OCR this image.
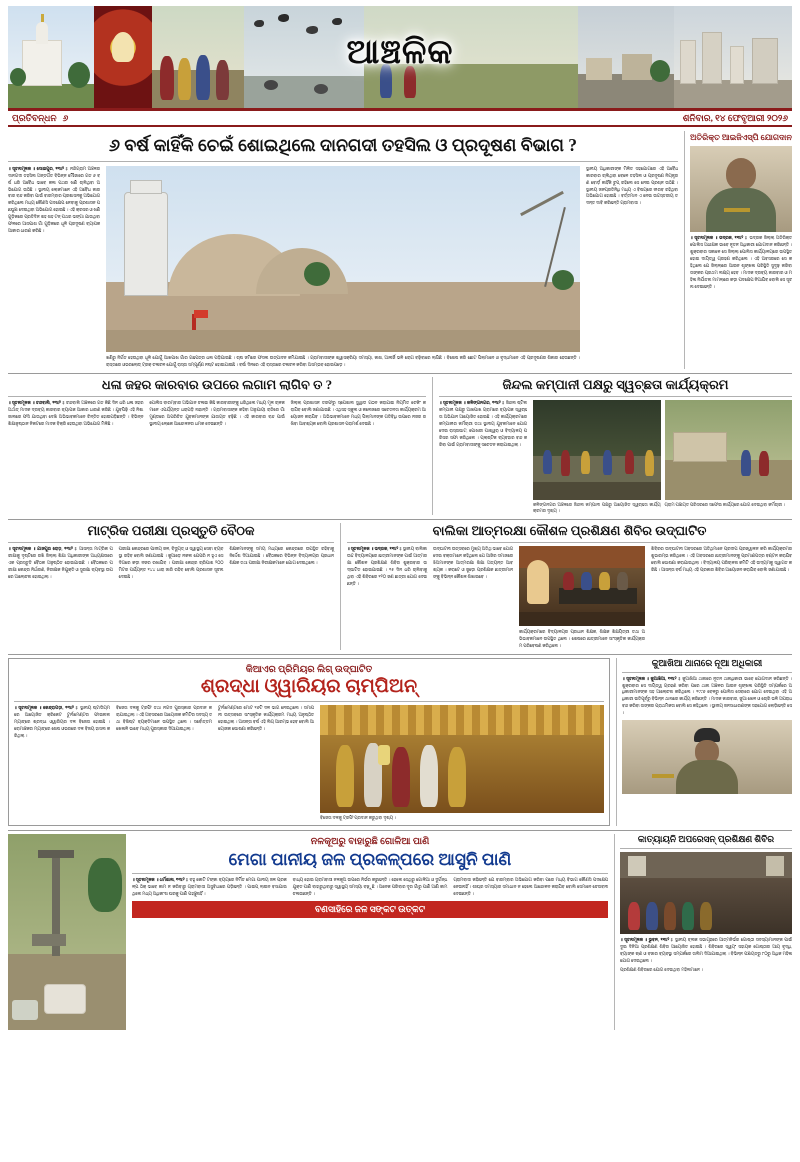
ଆଞ୍ଚଳିକ
ପ୍ରତିବନ୍ଧନ ୬	ଶନିବାର, ୧୪ ଫେବୃଆରୀ ୨୦୨୬
୬ ବର୍ଷ କାହିଁକି ଚେଇଁ ଶୋଇଥିଲେ ଦାନଗଦୀ ତହସିଲ ଓ ପ୍ରଦୂଷଣ ବିଭାଗ ?
॥ ସୂଚନାମୂଳକ ॥ ସୋଇପୁର, ୧୩ା୨ ‡ ନନ୍ଦିଗ୍ରାମ ଅଞ୍ଚଳର ଦାନଗଦୀ ତହସିଲ ଅନ୍ତର୍ଗତ ବିଭିନ୍ନ ମୌଜାରେ ଗତ ୬ ବର୍ଷ ଧରି ଅବୈଧ ଭାବେ କଳା ପଥର ଖଣି ଚାଲିଥିବା ଅଭିଯୋଗ ଉଠିଛି । ସ୍ଥାନୀୟ ଲୋକମାନେ ଏହି ଅବୈଧ କାରବାର ବନ୍ଦ କରିବା ପାଇଁ ବାରମ୍ବାର ପ୍ରଶାସନକୁ ଅଭିଯୋଗ କରିଥିଲେ ମଧ୍ୟ କୌଣସି ପଦକ୍ଷେପ ନେବାକୁ ପ୍ରଶାସନ ପଛଘୁଞ୍ଚା ଦେଇଥିବା ଅଭିଯୋଗ ହୋଇଛି । ଏହି କ୍ରସର ଓ ଖଣି ଗୁଡ଼ିକରେ ପ୍ରତିଦିନ ଶହ ଶହ ଟନ୍ ପଥର ଭଙ୍ଗା ଯାଉଥିବା ଫଳରେ ଆସପାଶ ଗାଁ ଗୁଡ଼ିକରେ ଧୂଳି ପ୍ରଦୂଷଣ ବ୍ୟାପକ ଆକାର ଧାରଣ କରିଛି ।
ଖଣିରୁ ନିର୍ଗତ ହେଉଥିବା ଧୂଳି ଯୋଗୁଁ ଆଖପାଖ ଗାଁର ଗଛପତ୍ର ଧଳା ପଡ଼ିଯାଇଛି । ଚାଷ ଜମିରେ ଫସଲ ଉତ୍ପାଦନ କମିଯାଇଛି । ଗ୍ରାମବାସୀଙ୍କ ଶ୍ୱାସକ୍ରିୟା ସମସ୍ୟା, କାଶ, ଆଲର୍ଜି ଭଳି ରୋଗ ବଢ଼ିବାରେ ଲାଗିଛି । ବିଶେଷ କରି ଛୋଟ ପିଲାମାନେ ଓ ବୃଦ୍ଧମାନେ ଏହି ପ୍ରଦୂଷଣର ଶିକାର ହେଉଛନ୍ତି । ରାସ୍ତାରେ ଓଭରଲୋଡ୍ ଟ୍ରକ୍ ଚଳାଚଳ ଯୋଗୁଁ ରାସ୍ତା ସମ୍ପୂର୍ଣ୍ଣ ନଷ୍ଟ ହୋଇଯାଇଛି । ବର୍ଷା ଦିନରେ ଏହି ରାସ୍ତାରେ ଚଳାଚଳ କରିବା ଅସମ୍ଭବ ହୋଇପଡ଼େ ।
ସ୍ଥାନୀୟ ଅଧିକାରୀଙ୍କ ମିଳିତ ସହଯୋଗରେ ଏହି ଅବୈଧ କାରବାର ଚାଲିଥିବା ବେଳେ ତହସିଲ ଓ ପ୍ରଦୂଷଣ ନିୟନ୍ତ୍ରଣ ବୋର୍ଡ଼ କାହିଁକି ଚୁପ୍ ରହିଲେ ସେ ନେଇ ପ୍ରଶ୍ନ ଉଠିଛି । ସ୍ଥାନୀୟ ଜନପ୍ରତିନିଧି ମଧ୍ୟ ଏ ବିଷୟରେ ନୀରବ ରହିଥିବା ଅଭିଯୋଗ ହୋଇଛି । ବର୍ତ୍ତମାନ ଏ ନେଇ ଉଚ୍ଚସ୍ତରୀୟ ତଦନ୍ତ ଦାବି କରିଛନ୍ତି ଗ୍ରାମବାସୀ ।
ଅତିରିକ୍ତ ଆଇଜିଏସ୍‌ପି ଯୋଗଦାନ
॥ ସୂଚନାମୂଳକ ॥ ଭଦ୍ରକ, ୧୩ା୨ ‡ ଭଦ୍ରକ ଜିଲ୍ଲା ଅତିରିକ୍ତ ପୋଲିସ ଅଧୀକ୍ଷକ ଭାବେ ନୂତନ ଅଧିକାରୀ ଯୋଗଦାନ କରିଛନ୍ତି । ଶୁକ୍ରବାର ସକାଳେ ସେ ଜିଲ୍ଲା ପୋଲିସ କାର୍ଯ୍ୟାଳୟରେ ଉପସ୍ଥିତ ହୋଇ ଦାୟିତ୍ୱ ଗ୍ରହଣ କରିଥିଲେ । ଏହି ଅବସରରେ ସେ କହିଥିଲେ ଯେ ଜିଲ୍ଲାରେ ଆଇନ ଶୃଙ୍ଖଳା ପରିସ୍ଥିତି ସୁଦୃଢ଼ କରିବା ତାଙ୍କର ପ୍ରଥମ ଲକ୍ଷ୍ୟ ହେବ । ମାଦକ ଦ୍ରବ୍ୟ କାରବାର ଓ ମହିଳା ନିର୍ଯାତନା ମାମଲାରେ କଡ଼ା ପଦକ୍ଷେପ ନିଆଯିବ ବୋଲି ସେ ସୂଚନା ଦେଇଛନ୍ତି ।
ଧଳା ଜହର କାରବାର ଉପରେ ଲଗାମ ଲାଗିବ ତ ?
॥ ସୂଚନାମୂଳକ ॥ ଚନ୍ଦବାଲି, ୧୩ା୨ ‡ ଚନ୍ଦବାଲି ଅଞ୍ଚଳରେ ଗତ କିଛି ଦିନ ଧରି ଧଳା ଜହର ଅର୍ଥାତ୍ ମାଦକ ଦ୍ରବ୍ୟ କାରବାର ବ୍ୟାପକ ଆକାର ଧାରଣ କରିଛି । ଯୁବପିଢ଼ି ଏହି ନିଶା ଜାଲରେ ଫସି ଯାଉଥିବା ଦେଖି ଅଭିଭାବକମାନେ ଚିନ୍ତିତ ହୋଇପଡ଼ିଛନ୍ତି । ବିଭିନ୍ନ ଶିକ୍ଷାନୁଷ୍ଠାନ ନିକଟରେ ମାଦକ ବିକ୍ରି ହେଉଥିବା ଅଭିଯୋଗ ମିଳିଛି ।
ପୋଲିସ ବାରମ୍ବାର ଅଭିଯାନ ଚଳାଇ କିଛି କାରବାରୀଙ୍କୁ ଧରିଥିଲେ ମଧ୍ୟ ମୂଳ ଚାଳକମାନେ ଏପର୍ଯ୍ୟନ୍ତ ଧରାପଡ଼ି ନାହାନ୍ତି । ଗ୍ରାମବାସୀଙ୍କ କହିବା ଅନୁଯାୟୀ ରାତିରେ ଗାଁ ମୁଣ୍ଡରେ ଅପରିଚିତ ଯୁବକମାନଙ୍କ ଯାତାୟତ ବଢ଼ିଛି । ଏହି କାରବାର ବନ୍ଦ ପାଇଁ ସ୍ଥାନୀୟ ଲୋକେ ଆନ୍ଦୋଳନର ଧମକ ଦେଇଛନ୍ତି ।
ଜିଲ୍ଲା ପ୍ରଶାସନ ତରଫରୁ ସ୍ପେଶାଲ ସ୍କ୍ୱାଡ ଗଠନ କରାଯାଇ ନିୟମିତ ଚେକିଂ କରାଯିବ ବୋଲି ଜଣାଯାଇଛି । ଏଥିସହ ସ୍କୁଲ ଓ କଲେଜରେ ସଚେତନତା କାର୍ଯ୍ୟକ୍ରମ ଆୟୋଜନ କରାଯିବ । ଅଭିଭାବକମାନେ ମଧ୍ୟ ପିଲାମାନଙ୍କ ଗତିବିଧି ଉପରେ ନଜର ରଖିବା ଆବଶ୍ୟକ ବୋଲି ପ୍ରଶାସନ ପରାମର୍ଶ ଦେଇଛି ।
ଜିନ୍ଦଲ କମ୍ପାନୀ ପକ୍ଷରୁ ସ୍ୱଚ୍ଛତା କାର୍ଯ୍ୟକ୍ରମ
॥ ସୂଚନାମୂଳକ ॥ କଳିଙ୍ଗନଗର, ୧୩ା୨ ‡ ଜିନ୍ଦଲ ଷ୍ଟିଲ କମ୍ପାନୀ ପକ୍ଷରୁ ଆଖପାଖ ଗ୍ରାମରେ ବ୍ୟାପକ ସ୍ୱଚ୍ଛତା ଅଭିଯାନ ଆୟୋଜିତ ହୋଇଛି । ଏହି କାର୍ଯ୍ୟକ୍ରମରେ କମ୍ପାନୀର କର୍ମଚାରୀ ତଥା ସ୍ଥାନୀୟ ଯୁବକମାନେ ଯୋଗ ଦେଇ ରାସ୍ତାଘାଟ, ପୋଖରୀ ପାଶ୍ୱର୍ ଓ ବିଦ୍ୟାଳୟ ପରିସର ସଫା କରିଥିଲେ । ପ୍ଲାଷ୍ଟିକ ବ୍ୟବହାର ବନ୍ଦ କରିବା ପାଇଁ ଗ୍ରାମବାସୀଙ୍କୁ ସଚେତନ କରାଯାଇଥିଲା ।
କଳିଙ୍ଗନଗର ଅଞ୍ଚଳରେ ଜିନ୍ଦଲ କମ୍ପାନୀ ପକ୍ଷରୁ ଆୟୋଜିତ ସ୍ୱଚ୍ଛତା କାର୍ଯ୍ୟକ୍ରମର ଦୃଶ୍ୟ ।
ଗ୍ରାମ ପଞ୍ଚାୟତ ପରିସରରେ ସଫେଇ କାର୍ଯ୍ୟରେ ଯୋଗ ଦେଇଥିବା କର୍ମଚାରୀ ।
ମାଟ୍ରିକ ପରୀକ୍ଷା ପ୍ରସ୍ତୁତି ବୈଠକ
॥ ସୂଚନାମୂଳକ ॥ ଯାଜପୁର ରୋଡ଼, ୧୩ା୨ ‡ ଆସନ୍ତା ମାଟ୍ରିକ ପରୀକ୍ଷାକୁ ଦୃଷ୍ଟିରେ ରଖି ଜିଲ୍ଲା ଶିକ୍ଷା ଅଧିକାରୀଙ୍କ ଅଧ୍ୟକ୍ଷତାରେ ଏକ ପ୍ରସ୍ତୁତି ବୈଠକ ଅନୁଷ୍ଠିତ ହୋଇଯାଇଛି । ବୈଠକରେ ପରୀକ୍ଷା କେନ୍ଦ୍ର ନିର୍ଧାରଣ, ନିରୀକ୍ଷକ ନିଯୁକ୍ତି ଓ ସୁରକ୍ଷା ବ୍ୟବସ୍ଥା ଉପରେ ଆଲୋଚନା ହୋଇଥିଲା ।
ପରୀକ୍ଷା କେନ୍ଦ୍ରରେ ପାନୀୟ ଜଳ, ବିଦ୍ୟୁତ୍ ଓ ସ୍ୱାସ୍ଥ୍ୟ ସେବା ବ୍ୟବସ୍ଥା ରହିବ ବୋଲି ଜଣାଯାଇଛି । କୁଆଡ଼େ ନକଲ ଯେପରି ନ ହୁଏ ସେ ଦିଗରେ କଡ଼ା ନଜର ରଖାଯିବ । ପରୀକ୍ଷା କେନ୍ଦ୍ର ଚାରିପାଶ ୨୦୦ ମିଟର ପର୍ଯ୍ୟନ୍ତ ୧୪୪ ଧାରା ଜାରି ରହିବ ବୋଲି ପ୍ରଶାସନ ସୂଚନା ଦେଇଛି ।
ଶିକ୍ଷକମାନଙ୍କୁ ସମୟ ମଧ୍ୟରେ କେନ୍ଦ୍ରରେ ଉପସ୍ଥିତ ରହିବାକୁ ନିର୍ଦ୍ଦେଶ ଦିଆଯାଇଛି । ବୈଠକରେ ବିଭିନ୍ନ ବିଦ୍ୟାଳୟର ପ୍ରଧାନ ଶିକ୍ଷକ ତଥା ପରୀକ୍ଷା ନିରୀକ୍ଷକମାନେ ଯୋଗ ଦେଇଥିଲେ ।
ବାଲିକା ଆତ୍ମରକ୍ଷା କୌଶଳ ପ୍ରଶିକ୍ଷଣ ଶିବିର ଉଦ୍‌ଘାଟିତ
॥ ସୂଚନାମୂଳକ ॥ ଭଦ୍ରକ, ୧୩ା୨ ‡ ସ୍ଥାନୀୟ ବାଲିକା ଉଚ୍ଚ ବିଦ୍ୟାଳୟରେ ଛାତ୍ରୀମାନଙ୍କ ପାଇଁ ଆତ୍ମରକ୍ଷା କୌଶଳ ପ୍ରଶିକ୍ଷଣ ଶିବିର ଶୁକ୍ରବାର ଉଦ୍‌ଘାଟିତ ହୋଇଯାଇଛି । ୧୫ ଦିନ ଧରି ଚାଲିବାକୁ ଥିବା ଏହି ଶିବିରରେ ୧୨୦ ଜଣ ଛାତ୍ରୀ ଯୋଗ ଦେଇଛନ୍ତି ।
ଉଦ୍‌ଘାଟନୀ ଉତ୍ସବରେ ମୁଖ୍ୟ ଅତିଥି ଭାବେ ଯୋଗ ଦେଇ ବକ୍ତାମାନେ କହିଥିଲେ ଯେ ଆଜିର ସମାଜରେ ଝିଅମାନଙ୍କ ଆତ୍ମରକ୍ଷା ଶିକ୍ଷା ଅତ୍ୟନ୍ତ ଆବଶ୍ୟକ । କରାଟେ ଓ ଜୁଡ଼ୋ ପ୍ରଶିକ୍ଷକ ଛାତ୍ରୀମାନଙ୍କୁ ବିଭିନ୍ନ କୌଶଳ ଶିଖାଇବେ ।
କାର୍ଯ୍ୟକ୍ରମରେ ବିଦ୍ୟାଳୟର ପ୍ରଧାନ ଶିକ୍ଷକ, ଶିକ୍ଷକ ଶିକ୍ଷୟିତ୍ରୀ ତଥା ଅଭିଭାବକମାନେ ଉପସ୍ଥିତ ଥିଲେ । ଶେଷରେ ଛାତ୍ରୀମାନେ ସାଂସ୍କୃତିକ କାର୍ଯ୍ୟକ୍ରମ ପରିବେଷଣ କରିଥିଲେ ।
ଶିବିରର ଉଦ୍‌ଘାଟନୀ ଅବସରରେ ଅତିଥିମାନେ ପ୍ରଦୀପ ପ୍ରଜ୍ୱାଳନ କରି କାର୍ଯ୍ୟକ୍ରମର ଶୁଭାରମ୍ଭ କରିଥିଲେ । ଏହି ଅବସରରେ ଛାତ୍ରୀମାନଙ୍କୁ ପ୍ରମାଣପତ୍ର ବଣ୍ଟନ କରାଯିବ ବୋଲି ଘୋଷଣା କରାଯାଇଥିଲା । ବିଦ୍ୟାଳୟ ପରିଚାଳନା କମିଟି ଏହି ଉଦ୍ୟମକୁ ସ୍ୱାଗତ କରିଛି । ଆସନ୍ତା ବର୍ଷ ମଧ୍ୟ ଏହି ପ୍ରକାର ଶିବିର ଆୟୋଜନ କରାଯିବ ବୋଲି ଜଣାଯାଇଛି ।
କିଆଏର ପ୍ରିମିୟର ଲିଗ୍ ଉଦ୍‌ଘାଟିତ
ଶ୍ରଦ୍ଧା ଓ୍ୱାରିୟର ଚାମ୍ପିଅନ୍
॥ ସୂଚନାମୂଳକ ॥ କେନ୍ଦ୍ରାପଡ଼ା, ୧୩ା୨ ‡ ସ୍ଥାନୀୟ ଷ୍ଟାଡିୟମରେ ଆୟୋଜିତ କ୍ରିକେଟ ଟୁର୍ନାମେଣ୍ଟର ଫାଇନାଲ ମ୍ୟାଚ୍‌ରେ ଶ୍ରଦ୍ଧା ଓ୍ୱାରିୟର ଦଳ ବିଜେତା ହୋଇଛି । ରୋମାଞ୍ଚକର ମ୍ୟାଚ୍‌ରେ ଶେଷ ଓଭରରେ ଦଳ ବିଜୟ ହାସଲ କରିଥିଲା ।
ବିଜେତା ଦଳକୁ ଟ୍ରଫି ତଥା ନଗଦ ପୁରସ୍କାର ପ୍ରଦାନ କରାଯାଇଥିଲା । ଏହି ଅବସରରେ ଆୟୋଜକ କମିଟିର ସଦସ୍ୟ ତଥା ବିଶିଷ୍ଟ ବ୍ୟକ୍ତିମାନେ ଉପସ୍ଥିତ ଥିଲେ । ସର୍ବୋତ୍ତମ ଖେଳାଳି ଭାବେ ମଧ୍ୟ ପୁରସ୍କାର ଦିଆଯାଇଥିଲା ।
ଟୁର୍ନାମେଣ୍ଟରେ ମୋଟ ୧୬ଟି ଦଳ ଭାଗ ନେଇଥିଲେ । ସମାପନୀ ଉତ୍ସବରେ ସାଂସ୍କୃତିକ କାର୍ଯ୍ୟକ୍ରମ ମଧ୍ୟ ଅନୁଷ୍ଠିତ ହୋଇଥିଲା । ଆସନ୍ତା ବର୍ଷ ଏହି ଲିଗ୍ ଆରମ୍ଭ ହେବ ବୋଲି ଆୟୋଜକ ଘୋଷଣା କରିଛନ୍ତି ।
ବିଜେତା ଦଳକୁ ଟ୍ରଫି ପ୍ରଦାନ କରୁଥିବା ଦୃଶ୍ୟ ।
କୁଆଖିଆ ଥାନାରେ ନୂଆ ଅଧିକାରୀ
॥ ସୂଚନାମୂଳକ ॥ କୁଆଖିଆ, ୧୩ା୨ ‡ କୁଆଖିଆ ଥାନାରେ ନୂତନ ଥାନାଧିକାରୀ ଭାବେ ଯୋଗଦାନ କରିଛନ୍ତି । ଶୁକ୍ରବାର ସେ ଦାୟିତ୍ୱ ଗ୍ରହଣ କରିବା ପରେ ଥାନା ଅଞ୍ଚଳର ଆଇନ ଶୃଙ୍ଖଳା ପରିସ୍ଥିତି ସମ୍ପର୍କରେ ଅଧିକାରୀମାନଙ୍କ ସହ ଆଲୋଚନା କରିଥିଲେ । ୧୯୯୬ ବେଳରୁ ପୋଲିସ ସେବାରେ ଯୋଗ ଦେଇଥିବା ଏହି ଅଧିକାରୀ ଇତିପୂର୍ବରୁ ବିଭିନ୍ନ ଥାନାରେ କାର୍ଯ୍ୟ କରିଛନ୍ତି । ମାଦକ କାରବାର, ଜୁଆ ଖେଳ ଓ ଚୋରି ଭଳି ଅପରାଧ ବନ୍ଦ କରିବା ତାଙ୍କର ପ୍ରାଥମିକତା ବୋଲି ସେ କହିଥିଲେ । ସ୍ଥାନୀୟ ଜନସାଧାରଣଙ୍କ ସହଯୋଗ ଲୋଡ଼ିଛନ୍ତି ସେ ।
ନଳକୂଅରୁ ବାହାରୁଛି ଗୋଳିଆ ପାଣି
ମେଗା ପାନୀୟ ଜଳ ପ୍ରକଳ୍ପରେ ଆସୁନି ପାଣି
॥ ସୂଚନାମୂଳକ ॥ ଧର୍ମଶାଳା, ୧୩ା୨ ‡ ବହୁ କୋଟି ଟଙ୍କା ବ୍ୟୟରେ ନିର୍ମିତ ମେଗା ପାନୀୟ ଜଳ ପ୍ରକଳ୍ପ ଠିକ୍ ଭାବେ କାମ ନ କରିବାରୁ ଗ୍ରାମବାସୀ ଅସୁବିଧାରେ ପଡ଼ିଛନ୍ତି । ପାଇପ୍ ଲାଇନ ବସାଯାଇଥିଲେ ମଧ୍ୟ ଅଧିକାଂଶ ଘରକୁ ପାଣି ପହଞ୍ଚୁନାହିଁ ।
ବାଧ୍ୟ ହୋଇ ଗ୍ରାମବାସୀ ନଳକୂଅ ଉପରେ ନିର୍ଭର କରୁଛନ୍ତି । ହେଲେ ସେଥିରୁ ଗୋଳିଆ ଓ ଦୁର୍ଗନ୍ଧଯୁକ୍ତ ପାଣି ବାହାରୁଥିବାରୁ ସ୍ୱାସ୍ଥ୍ୟ ସମସ୍ୟା ବଢ଼ୁଛି । ଅନେକ ପରିବାର ଦୂର ଗାଁରୁ ପାଣି ଆଣି କାମ ଚଳାଉଛନ୍ତି ।
ଗ୍ରାମବାସୀ କହିଛନ୍ତି ଯେ ବାରମ୍ବାର ଅଭିଯୋଗ କରିବା ପରେ ମଧ୍ୟ ବିଭାଗ କୌଣସି ପଦକ୍ଷେପ ନେଉନାହିଁ । ଶୀଘ୍ର ସମସ୍ୟାର ସମାଧାନ ନ ହେଲେ ଆନ୍ଦୋଳନ କରାଯିବ ବୋଲି ସେମାନେ ଚେତାବନୀ ଦେଇଛନ୍ତି ।
ବଣସାହିରେ ଜଳ ସଙ୍କଟ ଉତ୍କଟ
କାତ୍ୟାୟନି ଅପରେସନ୍ ପ୍ରଶିକ୍ଷଣ ଶିବିର
॥ ସୂଚନାମୂଳକ ॥ ଭୁବନ, ୧୩ା୨ ‡ ସ୍ଥାନୀୟ ବ୍ଲକ ସଭାଗୃହରେ ଆତ୍ମନିର୍ଭର ଗୋଷ୍ଠୀ ସଦସ୍ୟାମାନଙ୍କ ପାଇଁ ଦୁଇ ଦିନିଆ ପ୍ରଶିକ୍ଷଣ ଶିବିର ଆୟୋଜିତ ହୋଇଛି । ଶିବିରରେ ସ୍ୱୟଂ ସହାୟକ ଗୋଷ୍ଠୀର ଆୟ ବୃଦ୍ଧି, ବ୍ୟାଙ୍କ ଋଣ ଓ ବଜାର ବ୍ୟବସ୍ଥା ସମ୍ପର୍କରେ ତାଲିମ ଦିଆଯାଇଥିଲା । ବିଭିନ୍ନ ପଞ୍ଚାୟତରୁ ୮୦ରୁ ଅଧିକ ମହିଳା ଯୋଗ ଦେଇଥିଲେ ।
ପ୍ରଶିକ୍ଷଣ ଶିବିରରେ ଯୋଗ ଦେଇଥିବା ମହିଳାମାନେ ।
